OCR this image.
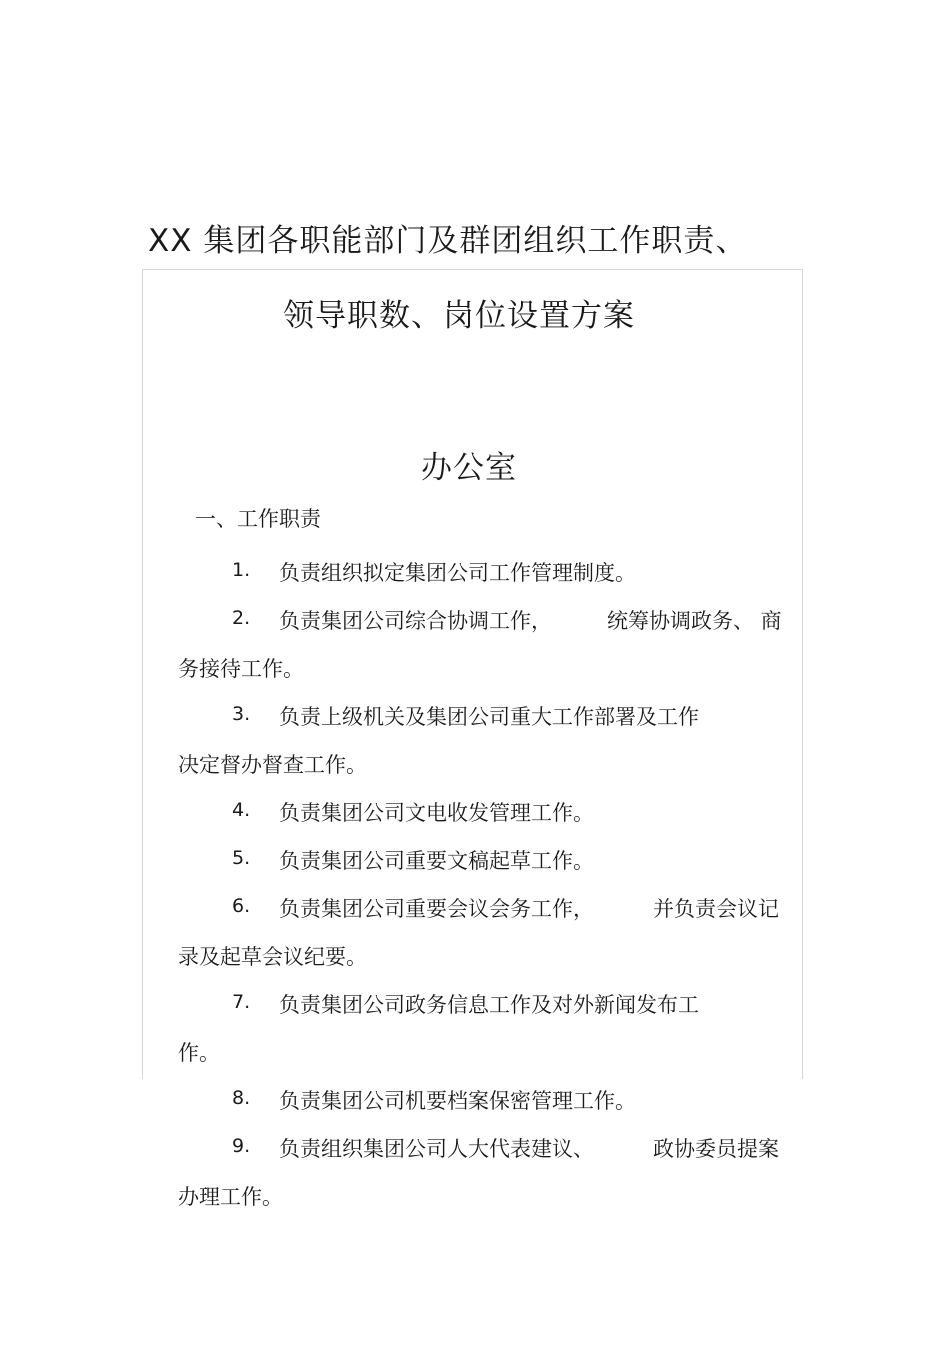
XX 集团各职能部门及群团组织工作职责、
领导职数、岗位设置方案
办公室
一、工作职责
1. 负责组织拟定集团公司工作管理制度。
2. 负责集团公司综合协调工作，	统筹协调政务、 商
务接待工作。
3. 负责上级机关及集团公司重大工作部署及工作
决定督办督查工作。
4. 负责集团公司文电收发管理工作。
5. 负责集团公司重要文稿起草工作。
6. 负责集团公司重要会议会务工作，	并负责会议记
录及起草会议纪要。
7. 负责集团公司政务信息工作及对外新闻发布工
作。
8. 负责集团公司机要档案保密管理工作。
9. 负责组织集团公司人大代表建议、	政协委员提案
办理工作。
